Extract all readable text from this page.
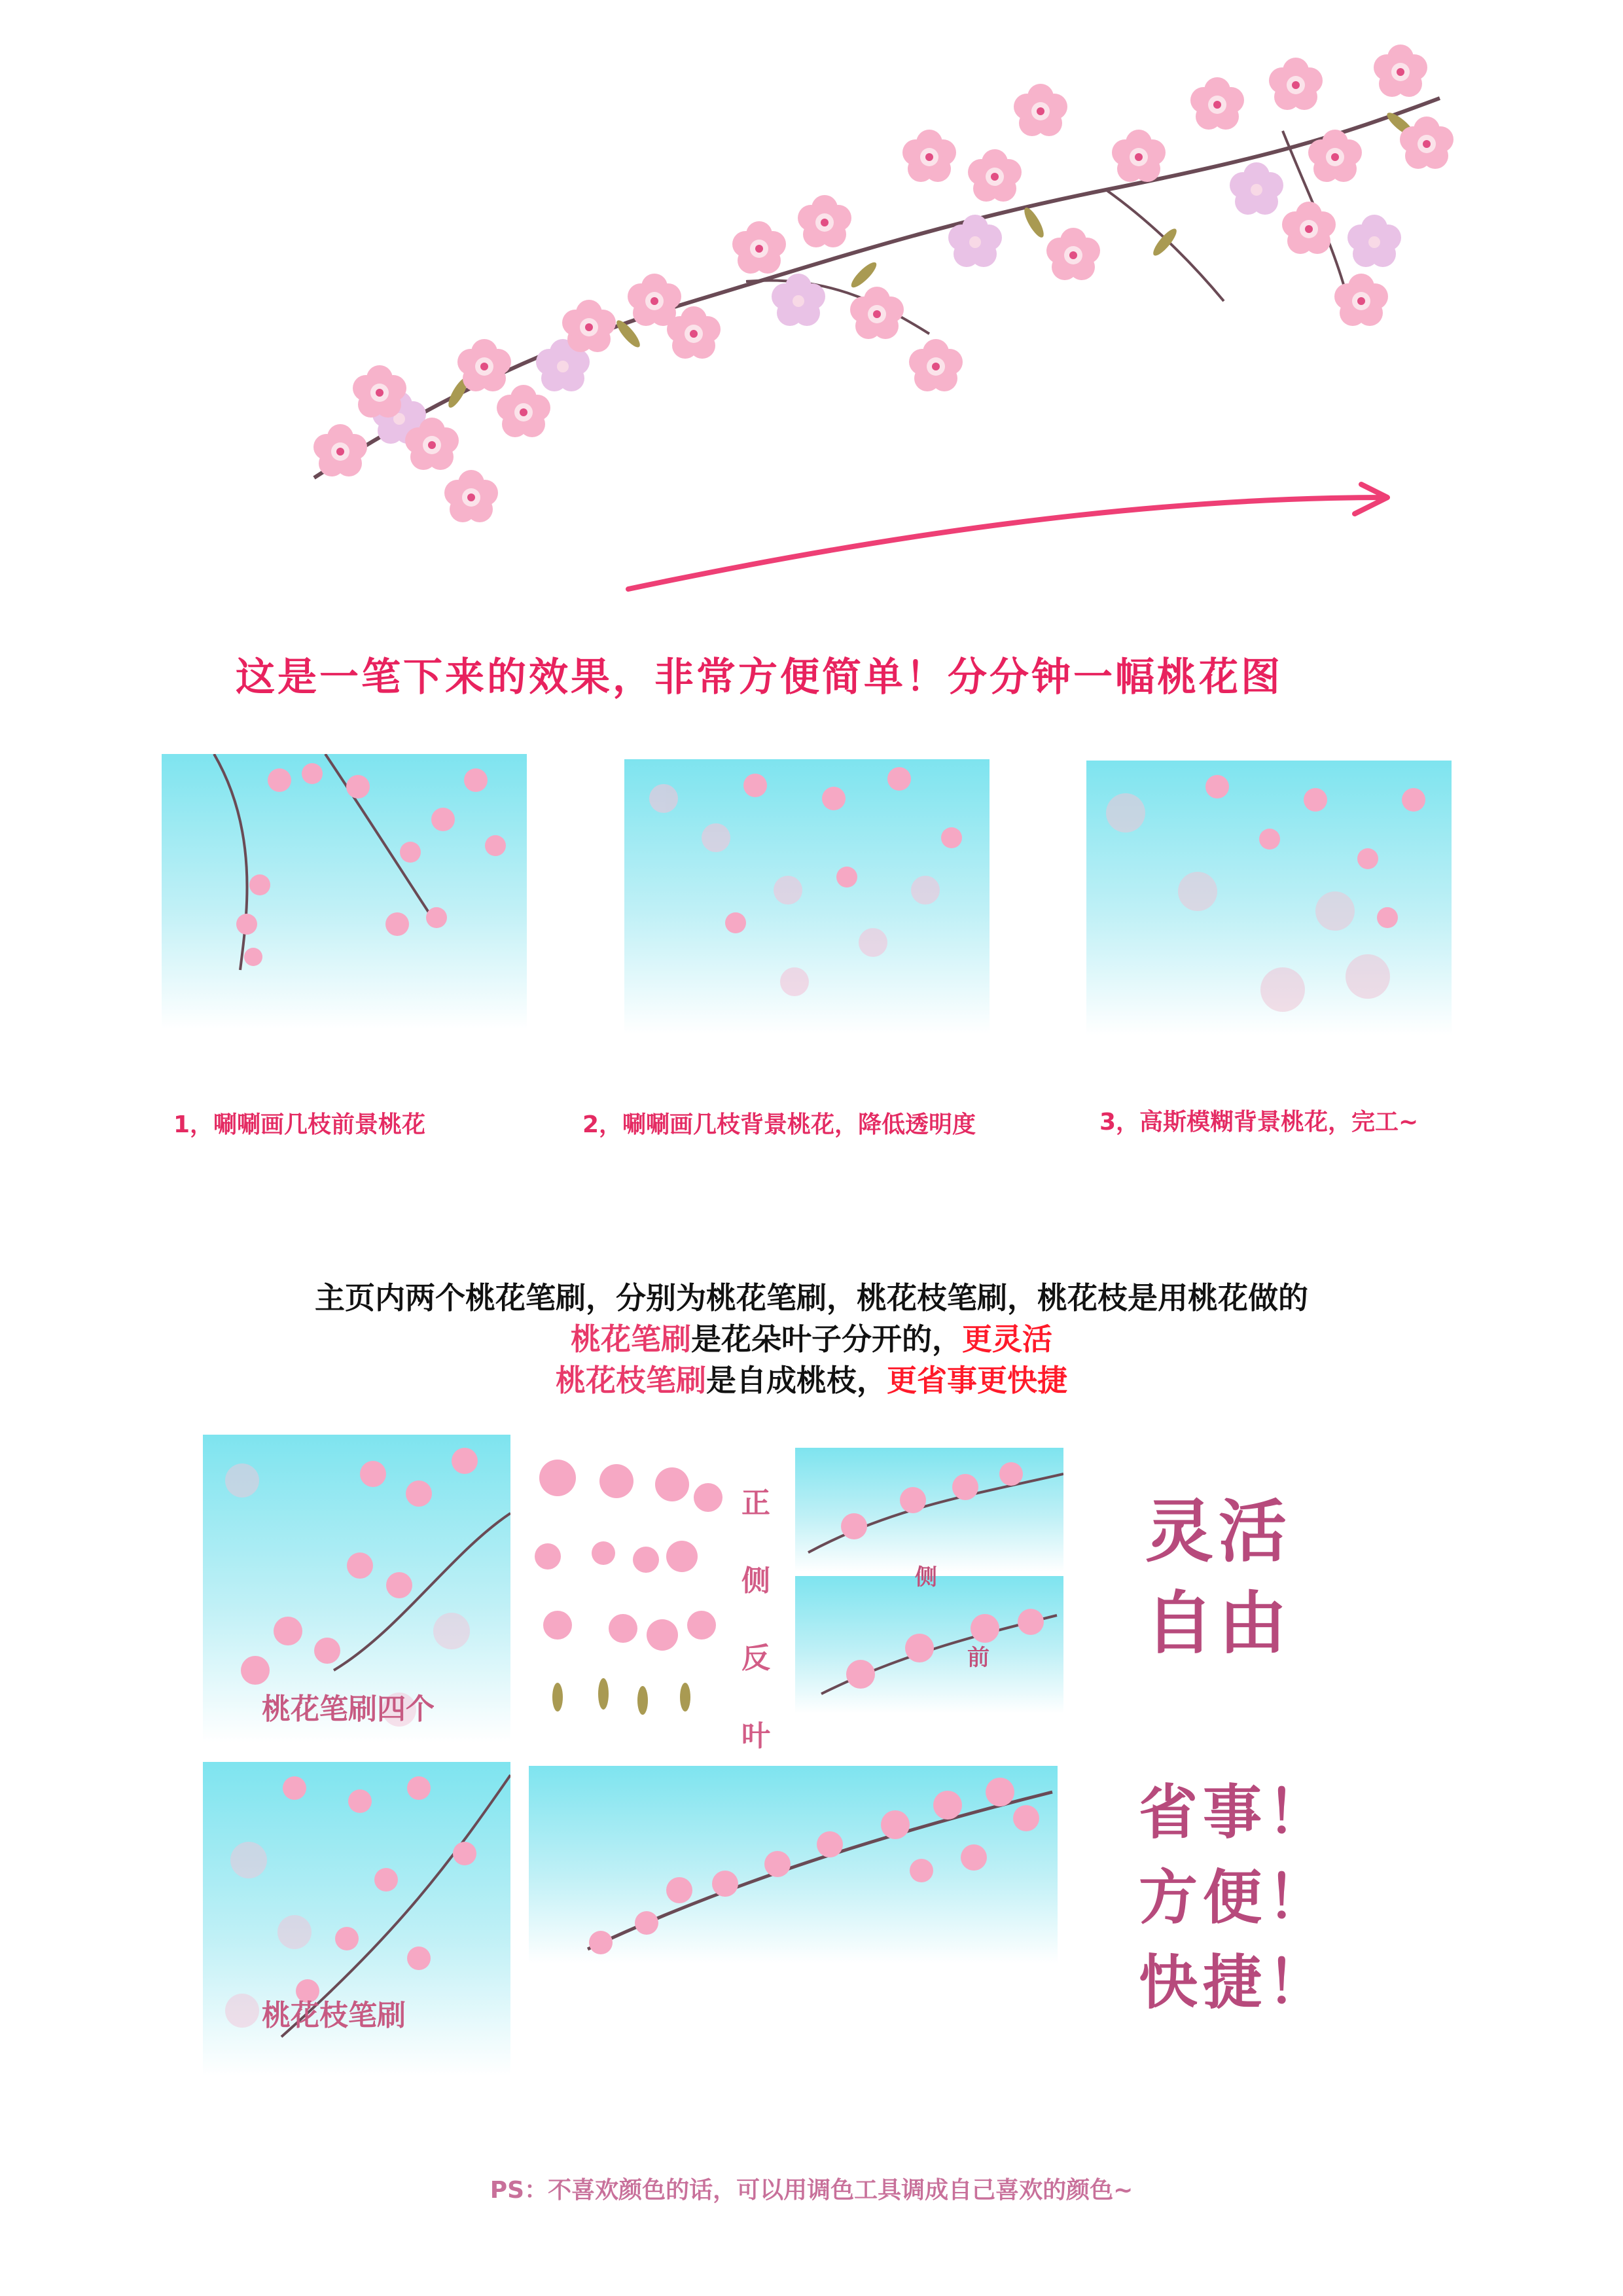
这是一笔下来的效果，非常方便简单！分分钟一幅桃花图
1，唰唰画几枝前景桃花	2，唰唰画几枝背景桃花，降低透明度	3，高斯模糊背景桃花，完工~
主页内两个桃花笔刷，分别为桃花笔刷，桃花枝笔刷，桃花枝是用桃花做的
桃花笔刷是花朵叶子分开的，更灵活
桃花枝笔刷是自成桃枝，更省事更快捷
桃花笔刷四个
正
侧
反
叶
侧
前
桃花枝笔刷
灵活
自由
省事！
方便！
快捷！
PS：不喜欢颜色的话，可以用调色工具调成自己喜欢的颜色~
